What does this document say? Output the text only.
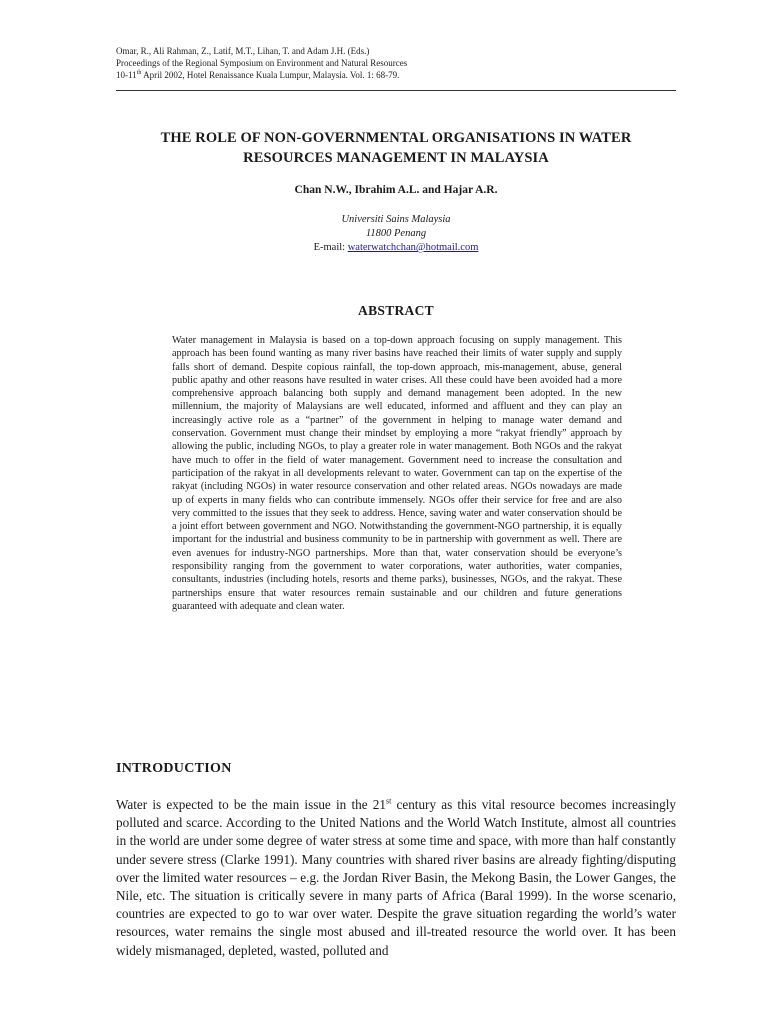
Omar, R., Ali Rahman, Z., Latif, M.T., Lihan, T. and Adam J.H. (Eds.)
Proceedings of the Regional Symposium on Environment and Natural Resources
10-11th April 2002, Hotel Renaissance Kuala Lumpur, Malaysia. Vol. 1: 68-79.
THE ROLE OF NON-GOVERNMENTAL ORGANISATIONS IN WATER
RESOURCES MANAGEMENT IN MALAYSIA
Chan N.W., Ibrahim A.L. and Hajar A.R.
Universiti Sains Malaysia
11800 Penang
E-mail: waterwatchchan@hotmail.com
ABSTRACT
Water management in Malaysia is based on a top-down approach focusing on supply management. This approach has been found wanting as many river basins have reached their limits of water supply and supply falls short of demand. Despite copious rainfall, the top-down approach, mis-management, abuse, general public apathy and other reasons have resulted in water crises. All these could have been avoided had a more comprehensive approach balancing both supply and demand management been adopted. In the new millennium, the majority of Malaysians are well educated, informed and affluent and they can play an increasingly active role as a “partner” of the government in helping to manage water demand and conservation. Government must change their mindset by employing a more “rakyat friendly” approach by allowing the public, including NGOs, to play a greater role in water management. Both NGOs and the rakyat have much to offer in the field of water management. Government need to increase the consultation and participation of the rakyat in all developments relevant to water. Government can tap on the expertise of the rakyat (including NGOs) in water resource conservation and other related areas. NGOs nowadays are made up of experts in many fields who can contribute immensely. NGOs offer their service for free and are also very committed to the issues that they seek to address. Hence, saving water and water conservation should be a joint effort between government and NGO. Notwithstanding the government-NGO partnership, it is equally important for the industrial and business community to be in partnership with government as well. There are even avenues for industry-NGO partnerships. More than that, water conservation should be everyone’s responsibility ranging from the government to water corporations, water authorities, water companies, consultants, industries (including hotels, resorts and theme parks), businesses, NGOs, and the rakyat. These partnerships ensure that water resources remain sustainable and our children and future generations guaranteed with adequate and clean water.
INTRODUCTION
Water is expected to be the main issue in the 21st century as this vital resource becomes increasingly polluted and scarce. According to the United Nations and the World Watch Institute, almost all countries in the world are under some degree of water stress at some time and space, with more than half constantly under severe stress (Clarke 1991). Many countries with shared river basins are already fighting/disputing over the limited water resources – e.g. the Jordan River Basin, the Mekong Basin, the Lower Ganges, the Nile, etc. The situation is critically severe in many parts of Africa (Baral 1999). In the worse scenario, countries are expected to go to war over water. Despite the grave situation regarding the world’s water resources, water remains the single most abused and ill-treated resource the world over. It has been widely mismanaged, depleted, wasted, polluted and
